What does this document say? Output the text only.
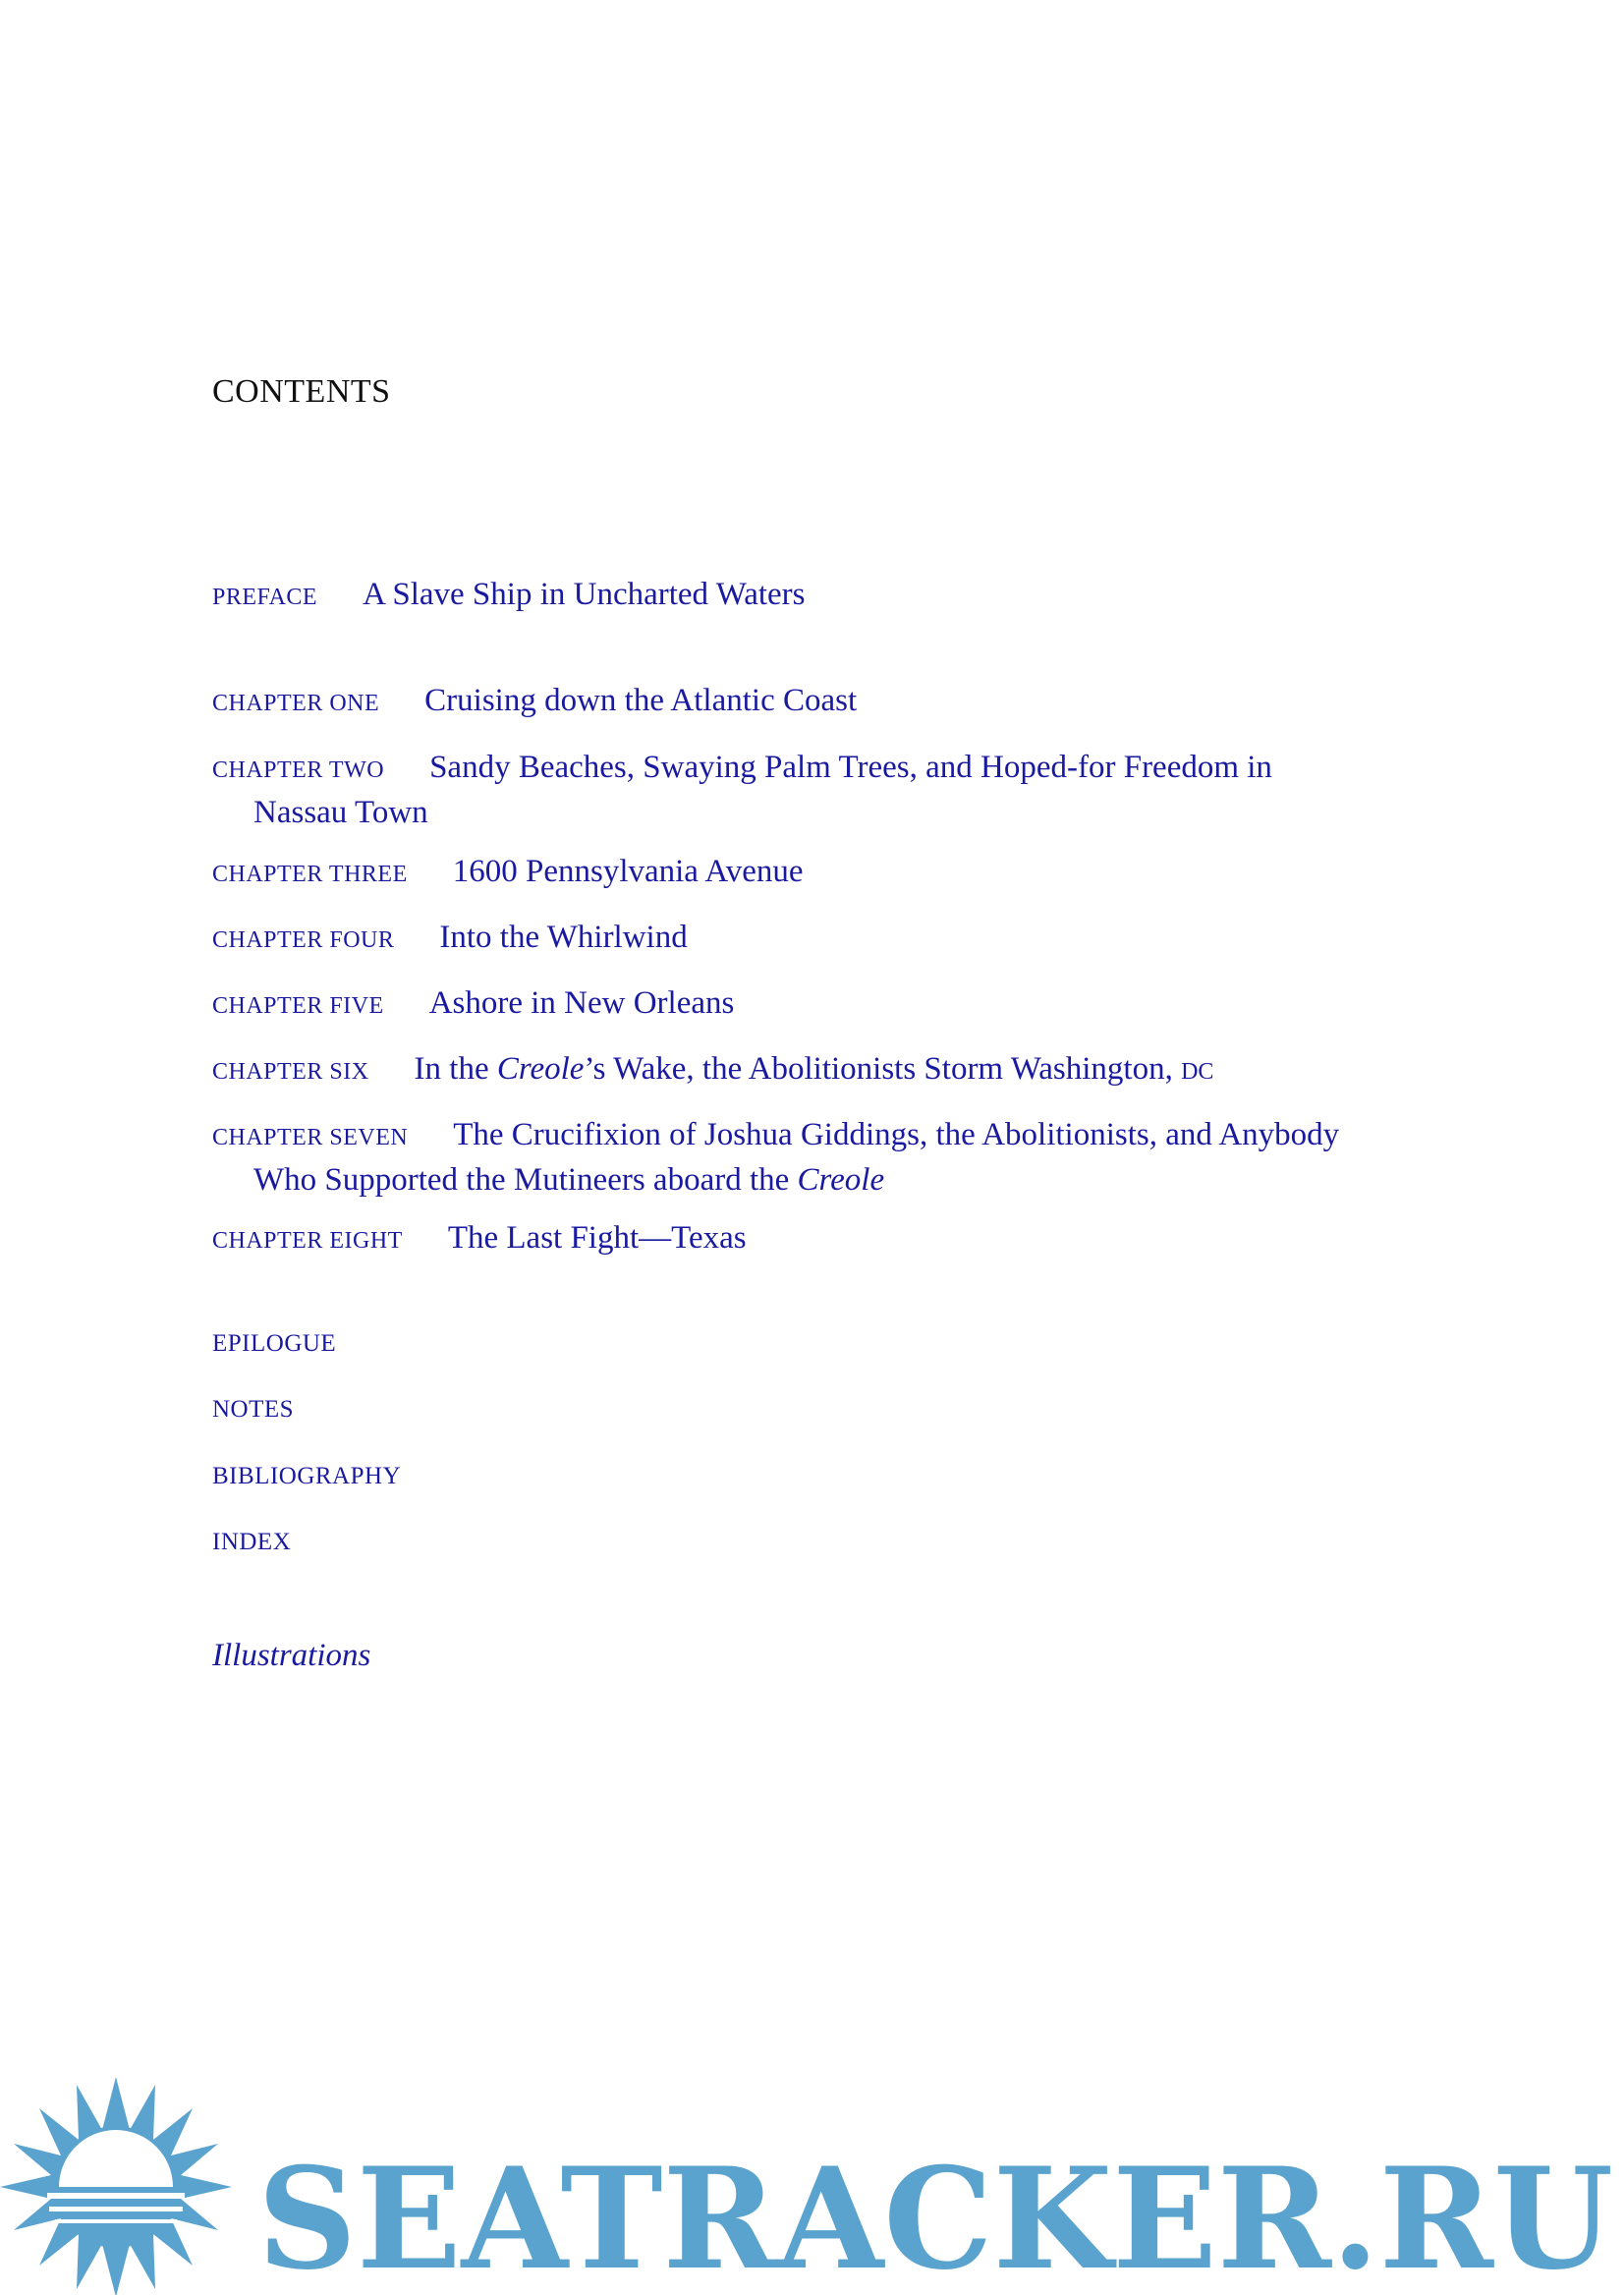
CONTENTS
PREFACE A Slave Ship in Uncharted Waters
CHAPTER ONE Cruising down the Atlantic Coast
CHAPTER TWO Sandy Beaches, Swaying Palm Trees, and Hoped-for Freedom in
Nassau Town
CHAPTER THREE 1600 Pennsylvania Avenue
CHAPTER FOUR Into the Whirlwind
CHAPTER FIVE Ashore in New Orleans
CHAPTER SIX In the Creole’s Wake, the Abolitionists Storm Washington, DC
CHAPTER SEVEN The Crucifixion of Joshua Giddings, the Abolitionists, and Anybody
Who Supported the Mutineers aboard the Creole
CHAPTER EIGHT The Last Fight—Texas
EPILOGUE
NOTES
BIBLIOGRAPHY
INDEX
Illustrations
SEATRACKER.RU
